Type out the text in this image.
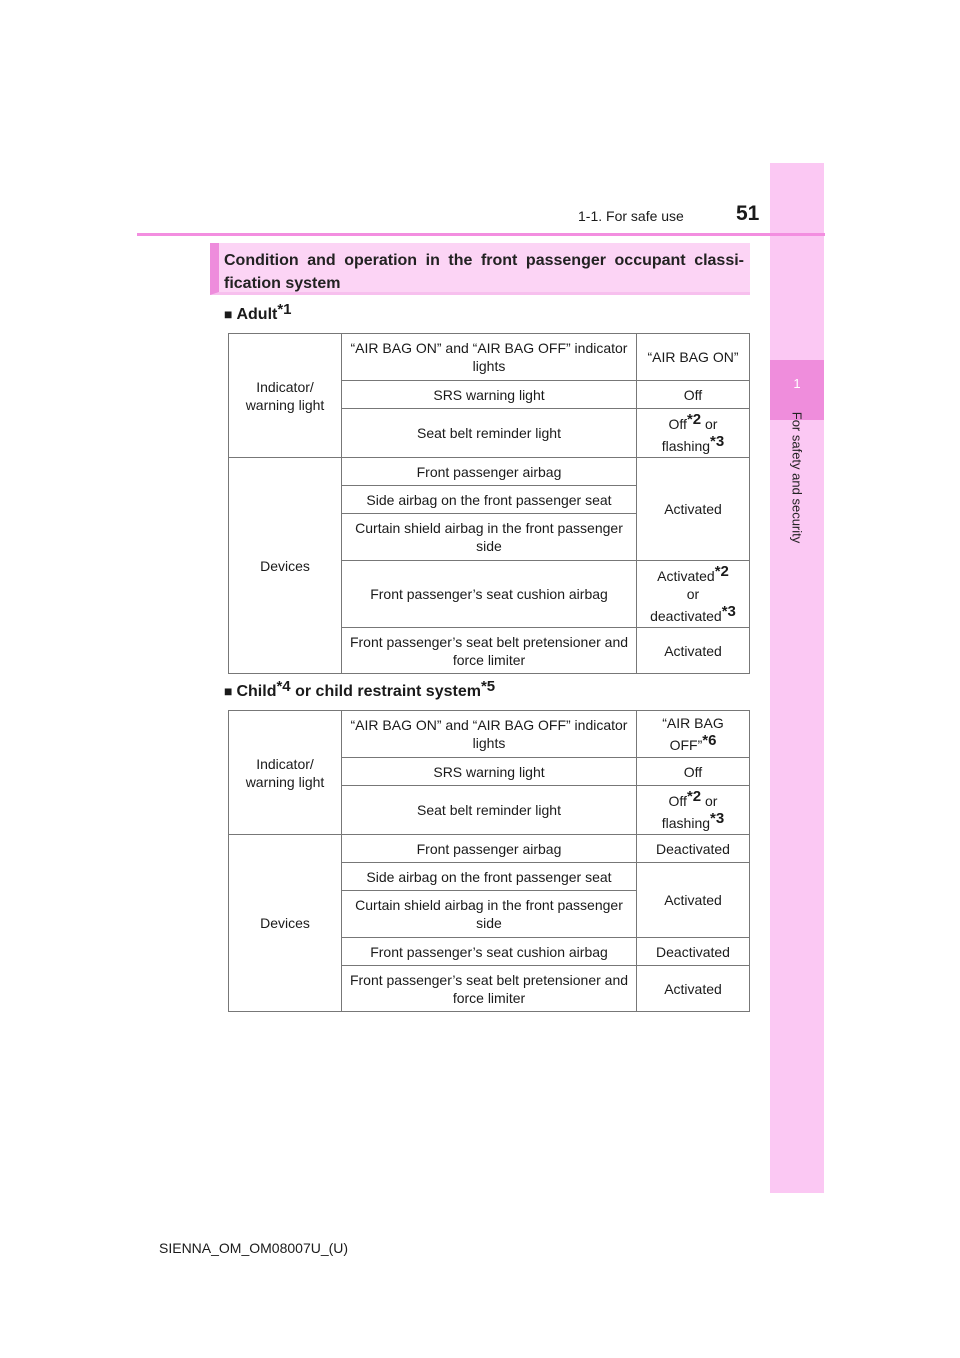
1
For safety and security
1-1. For safe use 51
Condition and operation in the front passenger occupant classi-fication system
■ Adult$^{*1}$
Indicator/
warning light	“AIR BAG ON” and “AIR BAG OFF” indicator lights	“AIR BAG ON”
	SRS warning light	Off
	Seat belt reminder light	Off$^{*2}$ or
flashing$^{*3}$
Devices	Front passenger airbag	Activated
	Side airbag on the front passenger seat	
	Curtain shield airbag in the front passenger side	
	Front passenger’s seat cushion airbag	Activated$^{*2}$
or
deactivated$^{*3}$
	Front passenger’s seat belt pretensioner and force limiter	Activated
■ Child$^{*4}$ or child restraint system$^{*5}$
Indicator/
warning light	“AIR BAG ON” and “AIR BAG OFF” indicator lights	“AIR BAG OFF”$^{*6}$
	SRS warning light	Off
	Seat belt reminder light	Off$^{*2}$ or
flashing$^{*3}$
Devices	Front passenger airbag	Deactivated
	Side airbag on the front passenger seat	Activated
	Curtain shield airbag in the front passenger side	
	Front passenger’s seat cushion airbag	Deactivated
	Front passenger’s seat belt pretensioner and force limiter	Activated
SIENNA_OM_OM08007U_(U)
